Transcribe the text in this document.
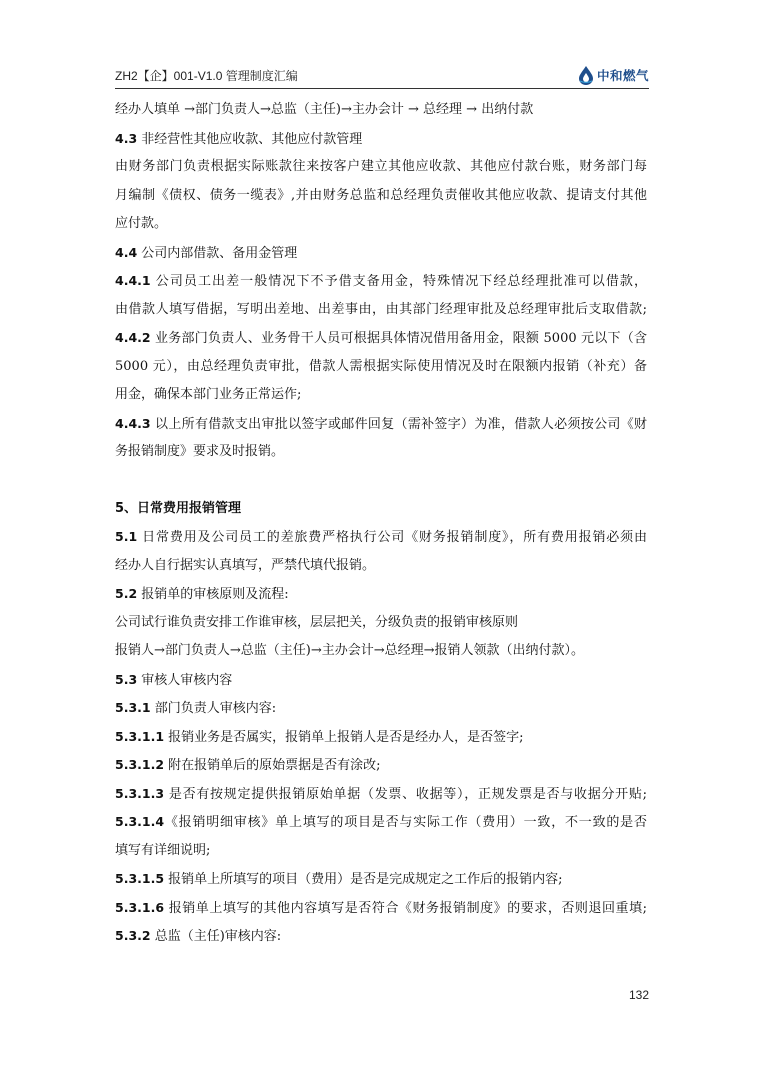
ZH2【企】001-V1.0 管理制度汇编	中和燃气
经办人填单 →部门负责人→总监（主任)→主办会计 → 总经理 → 出纳付款
4.3 非经营性其他应收款、其他应付款管理
由财务部门负责根据实际账款往来按客户建立其他应收款、其他应付款台账，财务部门每
月编制《债权、债务一缆表》,并由财务总监和总经理负责催收其他应收款、提请支付其他
应付款。
4.4 公司内部借款、备用金管理
4.4.1 公司员工出差一般情况下不予借支备用金，特殊情况下经总经理批准可以借款，
由借款人填写借据，写明出差地、出差事由，由其部门经理审批及总经理审批后支取借款;
4.4.2 业务部门负责人、业务骨干人员可根据具体情况借用备用金，限额 5000 元以下（含
5000 元），由总经理负责审批，借款人需根据实际使用情况及时在限额内报销（补充）备
用金，确保本部门业务正常运作;
4.4.3 以上所有借款支出审批以签字或邮件回复（需补签字）为准，借款人必须按公司《财
务报销制度》要求及时报销。
5、日常费用报销管理
5.1 日常费用及公司员工的差旅费严格执行公司《财务报销制度》，所有费用报销必须由
经办人自行据实认真填写，严禁代填代报销。
5.2 报销单的审核原则及流程:
公司试行谁负责安排工作谁审核，层层把关，分级负责的报销审核原则
报销人→部门负责人→总监（主任)→主办会计→总经理→报销人领款（出纳付款）。
5.3 审核人审核内容
5.3.1 部门负责人审核内容:
5.3.1.1 报销业务是否属实，报销单上报销人是否是经办人，是否签字;
5.3.1.2 附在报销单后的原始票据是否有涂改;
5.3.1.3 是否有按规定提供报销原始单据（发票、收据等），正规发票是否与收据分开贴;
5.3.1.4《报销明细审核》单上填写的项目是否与实际工作（费用）一致，不一致的是否
填写有详细说明;
5.3.1.5 报销单上所填写的项目（费用）是否是完成规定之工作后的报销内容;
5.3.1.6 报销单上填写的其他内容填写是否符合《财务报销制度》的要求，否则退回重填;
5.3.2 总监（主任)审核内容:
132
